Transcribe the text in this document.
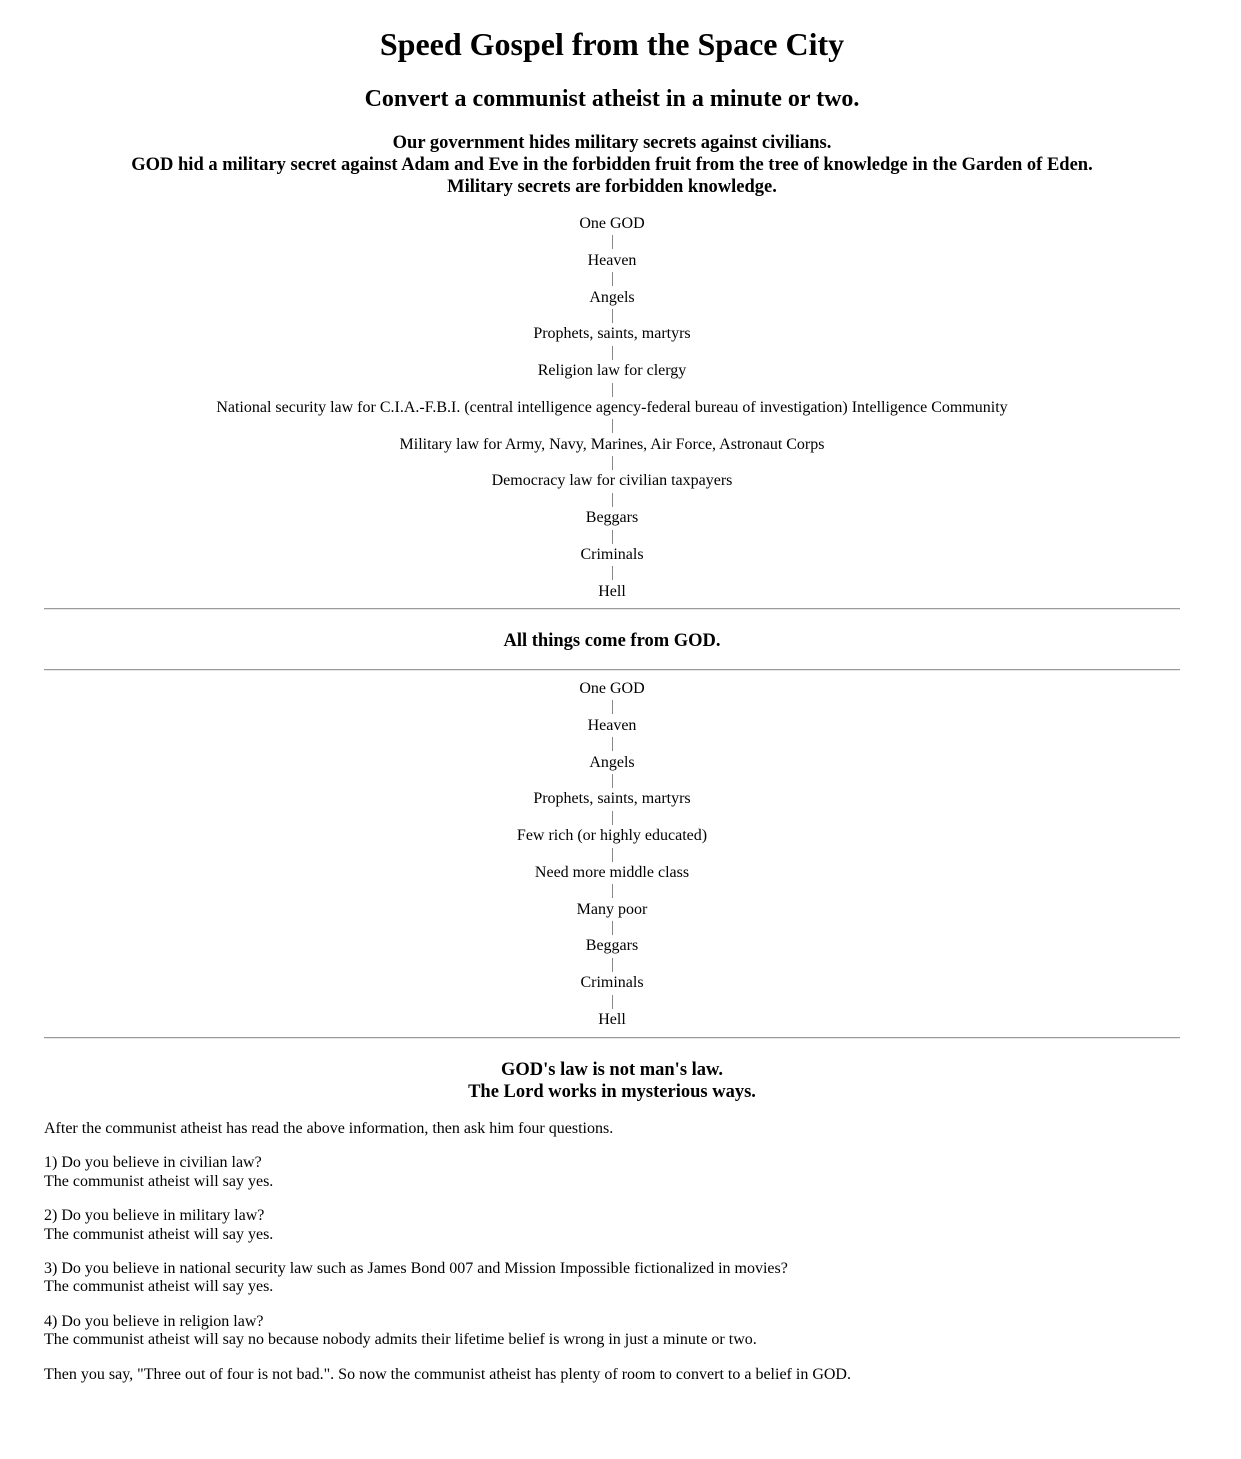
Speed Gospel from the Space City
Convert a communist atheist in a minute or two.
Our government hides military secrets against civilians.
GOD hid a military secret against Adam and Eve in the forbidden fruit from the tree of knowledge in the Garden of Eden.
Military secrets are forbidden knowledge.
One GOD
Heaven
Angels
Prophets, saints, martyrs
Religion law for clergy
National security law for C.I.A.-F.B.I. (central intelligence agency-federal bureau of investigation) Intelligence Community
Military law for Army, Navy, Marines, Air Force, Astronaut Corps
Democracy law for civilian taxpayers
Beggars
Criminals
Hell
All things come from GOD.
One GOD
Heaven
Angels
Prophets, saints, martyrs
Few rich (or highly educated)
Need more middle class
Many poor
Beggars
Criminals
Hell
GOD's law is not man's law.
The Lord works in mysterious ways.

After the communist atheist has read the above information, then ask him four questions.

1) Do you believe in civilian law?
The communist atheist will say yes.

2) Do you believe in military law?
The communist atheist will say yes.

3) Do you believe in national security law such as James Bond 007 and Mission Impossible fictionalized in movies?
The communist atheist will say yes.

4) Do you believe in religion law?
The communist atheist will say no because nobody admits their lifetime belief is wrong in just a minute or two.

Then you say, "Three out of four is not bad.". So now the communist atheist has plenty of room to convert to a belief in GOD.
